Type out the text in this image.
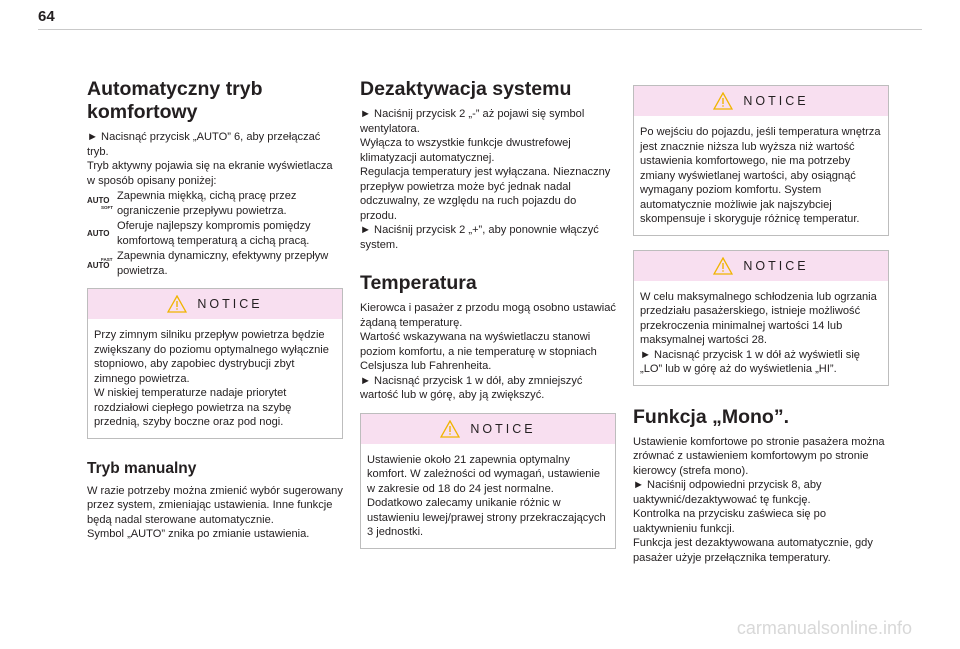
64
Automatyczny tryb komfortowy

► Nacisnąć przycisk „AUTO” 6, aby przełączać tryb.
Tryb aktywny pojawia się na ekranie wyświetlacza w sposób opisany poniżej:

AUTO
SOFT

Zapewnia miękką, cichą pracę przez ograniczenie przepływu powietrza.

AUTO

Oferuje najlepszy kompromis pomiędzy komfortową temperaturą a cichą pracą.

FAST
AUTO

Zapewnia dynamiczny, efektywny przepływ powietrza.

NOTICE

Przy zimnym silniku przepływ powietrza będzie zwiększany do poziomu optymalnego wyłącznie stopniowo, aby zapobiec dystrybucji zbyt zimnego powietrza.
W niskiej temperaturze nadaje priorytet rozdziałowi ciepłego powietrza na szybę przednią, szyby boczne oraz pod nogi.

Tryb manualny

W razie potrzeby można zmienić wybór sugerowany przez system, zmieniając ustawienia. Inne funkcje będą nadal sterowane automatycznie.
Symbol „AUTO” znika po zmianie ustawienia.

Dezaktywacja systemu

► Naciśnij przycisk 2 „-” aż pojawi się symbol wentylatora.
Wyłącza to wszystkie funkcje dwustrefowej klimatyzacji automatycznej.
Regulacja temperatury jest wyłączana. Nieznaczny przepływ powietrza może być jednak nadal odczuwalny, ze względu na ruch pojazdu do przodu.
► Naciśnij przycisk 2 „+”, aby ponownie włączyć system.

Temperatura

Kierowca i pasażer z przodu mogą osobno ustawiać żądaną temperaturę.
Wartość wskazywana na wyświetlaczu stanowi poziom komfortu, a nie temperaturę w stopniach Celsjusza lub Fahrenheita.
► Nacisnąć przycisk 1 w dół, aby zmniejszyć wartość lub w górę, aby ją zwiększyć.

NOTICE

Ustawienie około 21 zapewnia optymalny komfort. W zależności od wymagań, ustawienie w zakresie od 18 do 24 jest normalne.
Dodatkowo zalecamy unikanie różnic w ustawieniu lewej/prawej strony przekraczających 3 jednostki.

NOTICE

Po wejściu do pojazdu, jeśli temperatura wnętrza jest znacznie niższa lub wyższa niż wartość ustawienia komfortowego, nie ma potrzeby zmiany wyświetlanej wartości, aby osiągnąć wymagany poziom komfortu. System automatycznie możliwie jak najszybciej skompensuje i skoryguje różnicę temperatur.

NOTICE

W celu maksymalnego schłodzenia lub ogrzania przedziału pasażerskiego, istnieje możliwość przekroczenia minimalnej wartości 14 lub maksymalnej wartości 28.
► Nacisnąć przycisk 1 w dół aż wyświetli się „LO” lub w górę aż do wyświetlenia „HI”.

Funkcja „Mono”.

Ustawienie komfortowe po stronie pasażera można zrównać z ustawieniem komfortowym po stronie kierowcy (strefa mono).
► Naciśnij odpowiedni przycisk 8, aby uaktywnić/dezaktywować tę funkcję.
Kontrolka na przycisku zaświeca się po uaktywnieniu funkcji.
Funkcja jest dezaktywowana automatycznie, gdy pasażer użyje przełącznika temperatury.

carmanualsonline.info
